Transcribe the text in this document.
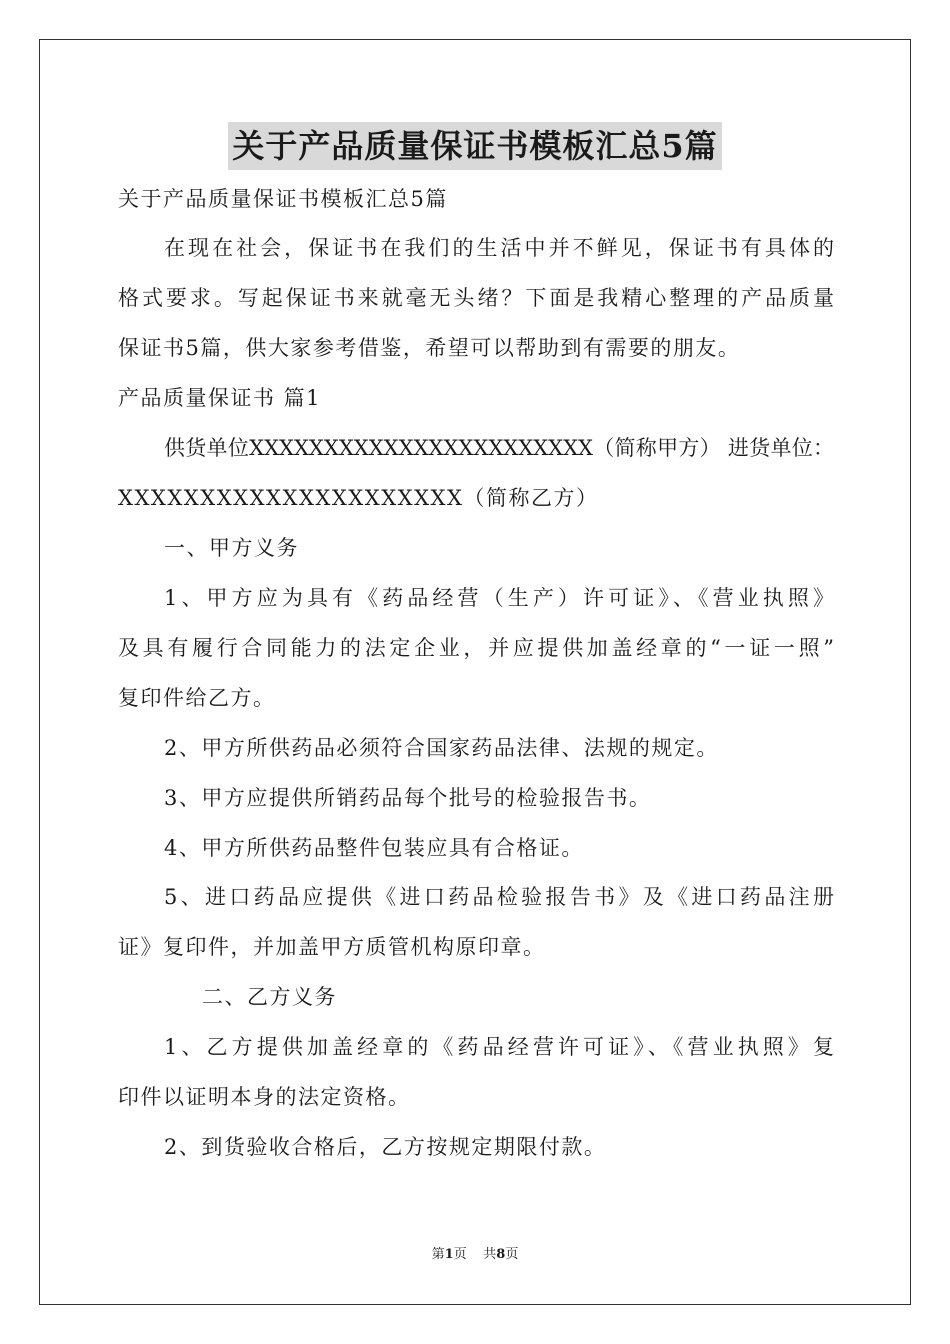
关于产品质量保证书模板汇总5篇
关于产品质量保证书模板汇总5篇
在现在社会，保证书在我们的生活中并不鲜见，保证书有具体的
格式要求。写起保证书来就毫无头绪？下面是我精心整理的产品质量
保证书5篇，供大家参考借鉴，希望可以帮助到有需要的朋友。
产品质量保证书 篇1
供货单位XXXXXXXXXXXXXXXXXXXXXXX（简称甲方） 进货单位：
XXXXXXXXXXXXXXXXXXXXX（简称乙方）
一、甲方义务
1、甲方应为具有《药品经营（生产）许可证》、《营业执照》
及具有履行合同能力的法定企业，并应提供加盖经章的“一证一照”
复印件给乙方。
2、甲方所供药品必须符合国家药品法律、法规的规定。
3、甲方应提供所销药品每个批号的检验报告书。
4、甲方所供药品整件包装应具有合格证。
5、进口药品应提供《进口药品检验报告书》及《进口药品注册
证》复印件，并加盖甲方质管机构原印章。
二、乙方义务
1、乙方提供加盖经章的《药品经营许可证》、《营业执照》复
印件以证明本身的法定资格。
2、到货验收合格后，乙方按规定期限付款。
第1页 共8页
